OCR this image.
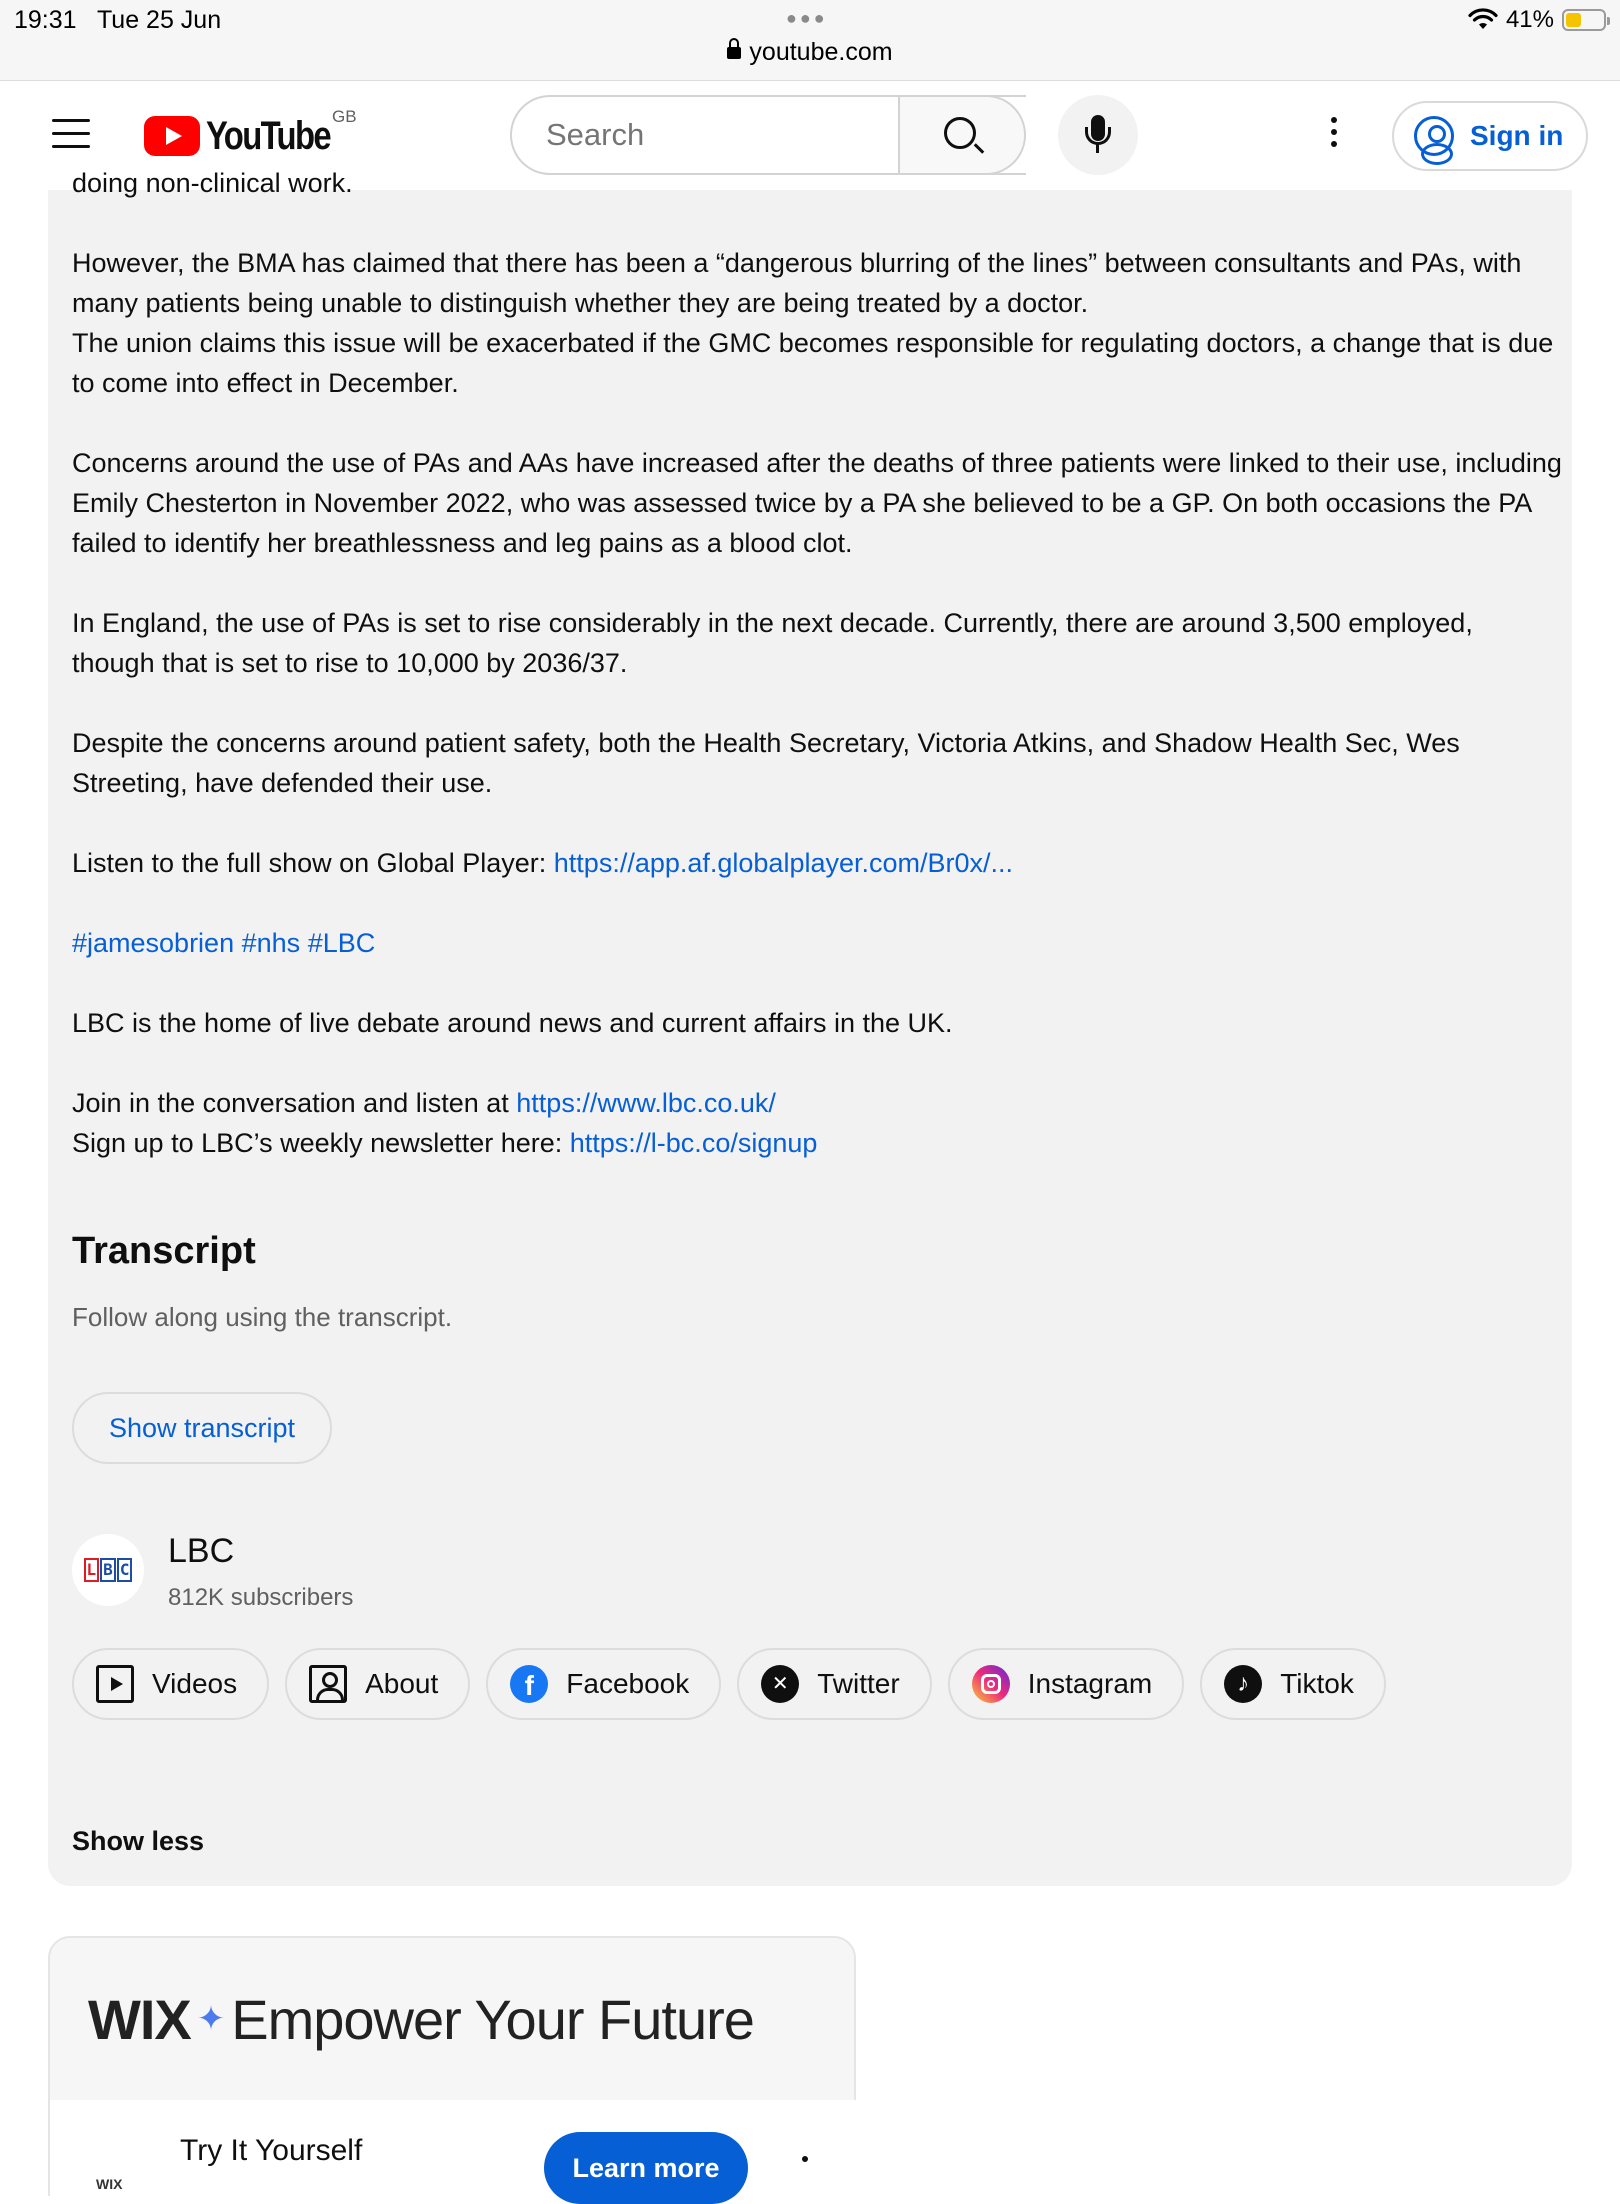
19:31 Tue 25 Jun	●●●
youtube.com
41%
YouTube GB
Search
Sign in

doing non-clinical work.

However, the BMA has claimed that there has been a “dangerous blurring of the lines” between consultants and PAs, with many patients being unable to distinguish whether they are being treated by a doctor.

The union claims this issue will be exacerbated if the GMC becomes responsible for regulating doctors, a change that is due to come into effect in December.

Concerns around the use of PAs and AAs have increased after the deaths of three patients were linked to their use, including Emily Chesterton in November 2022, who was assessed twice by a PA she believed to be a GP. On both occasions the PA failed to identify her breathlessness and leg pains as a blood clot.

In England, the use of PAs is set to rise considerably in the next decade. Currently, there are around 3,500 employed, though that is set to rise to 10,000 by 2036/37.

Despite the concerns around patient safety, both the Health Secretary, Victoria Atkins, and Shadow Health Sec, Wes Streeting, have defended their use.

Listen to the full show on Global Player: https://app.af.globalplayer.com/Br0x/...

#jamesobrien #nhs #LBC

LBC is the home of live debate around news and current affairs in the UK.

Join in the conversation and listen at https://www.lbc.co.uk/

Sign up to LBC’s weekly newsletter here: https://l-bc.co/signup

Transcript
Follow along using the transcript.
Show transcript
L B C LBC
812K subscribers
Videos	About	f	Facebook	✕	Twitter	Instagram	♪	Tiktok
Show less
WIX ✦ Empower Your Future
WIX
Try It Yourself
Learn more
